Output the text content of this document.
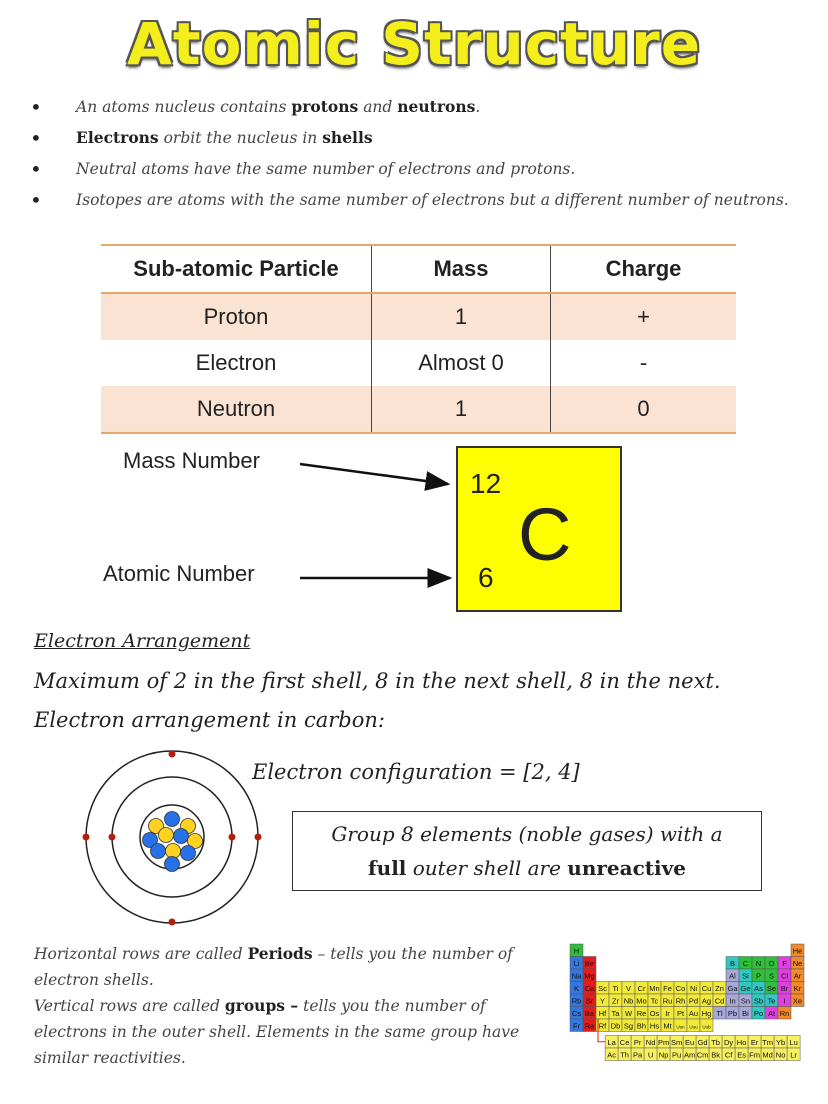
Atomic Structure
• An atoms nucleus contains protons and neutrons.
• Electrons orbit the nucleus in shells
• Neutral atoms have the same number of electrons and protons.
• Isotopes are atoms with the same number of electrons but a different number of neutrons.
Sub-atomic Particle	Mass	Charge
Proton	1	+
Electron	Almost 0	-
Neutron	1	0
Mass Number
Atomic Number
12
C
6
Electron Arrangement
Maximum of 2 in the first shell, 8 in the next shell, 8 in the next.
Electron arrangement in carbon:
Electron configuration = [2, 4]
Group 8 elements (noble gases) with a
full outer shell are unreactive
Horizontal rows are called Periods – tells you the number of electron shells.
Vertical rows are called groups – tells you the number of electrons in the outer shell. Elements in the same group have similar reactivities.
H	He
Li Be	B C N O F Ne
Na Mg	Al Si P S Cl Ar
K Ca Sc Ti V Cr Mn Fe Co Ni Cu Zn Ga Ge As Se Br Kr
Rb Sr Y Zr Nb Mo Tc Ru Rh Pd Ag Cd In Sn Sb Te I Xe
Cs Ba Hf Ta W Re Os Ir Pt Au Hg Tl Pb Bi Po At Rn
Fr Ra Rf Db Sg Bh Hs Mt Uun Uuu Uub
La Ce Pr Nd Pm Sm Eu Gd Tb Dy Ho Er Tm Yb Lu
Ac Th Pa U Np Pu Am Cm Bk Cf Es Fm Md No Lr
